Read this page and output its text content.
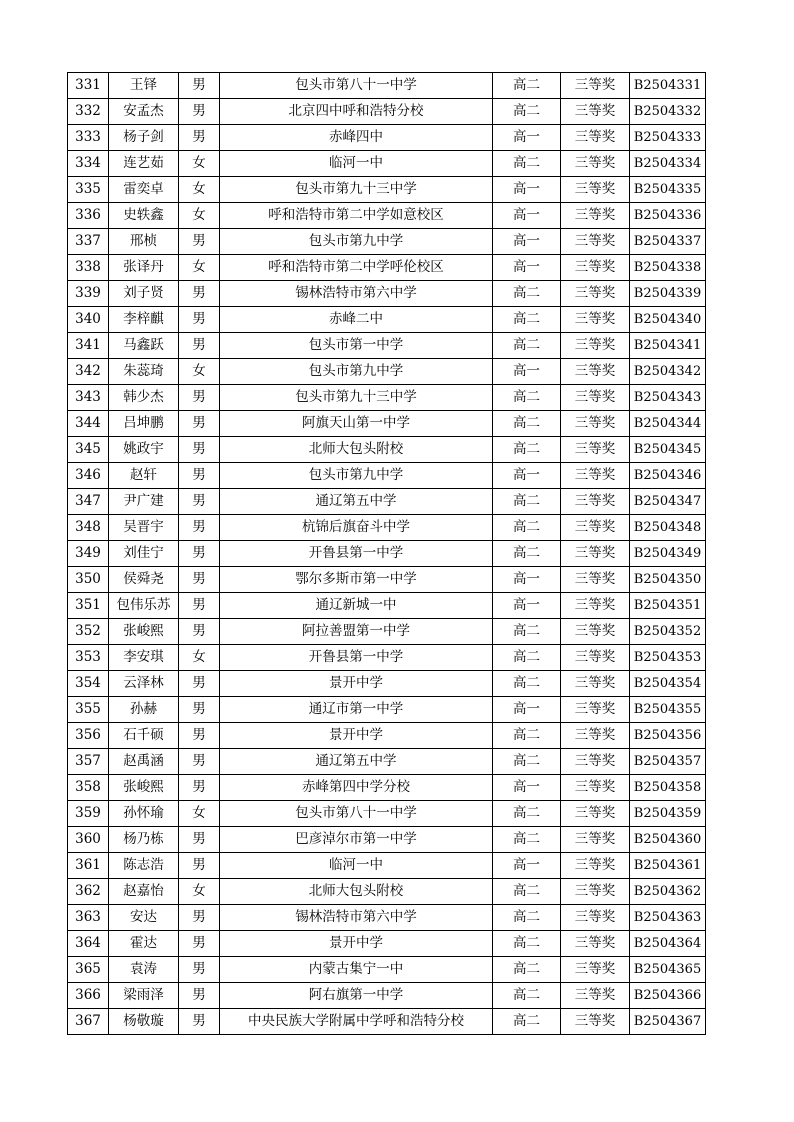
331	王铎	男	包头市第八十一中学	高二	三等奖	B2504331
332	安孟杰	男	北京四中呼和浩特分校	高二	三等奖	B2504332
333	杨子剑	男	赤峰四中	高一	三等奖	B2504333
334	连艺茹	女	临河一中	高二	三等奖	B2504334
335	雷奕卓	女	包头市第九十三中学	高一	三等奖	B2504335
336	史轶鑫	女	呼和浩特市第二中学如意校区	高一	三等奖	B2504336
337	邢桢	男	包头市第九中学	高一	三等奖	B2504337
338	张译丹	女	呼和浩特市第二中学呼伦校区	高一	三等奖	B2504338
339	刘子贤	男	锡林浩特市第六中学	高二	三等奖	B2504339
340	李梓麒	男	赤峰二中	高二	三等奖	B2504340
341	马鑫跃	男	包头市第一中学	高二	三等奖	B2504341
342	朱蕊琦	女	包头市第九中学	高一	三等奖	B2504342
343	韩少杰	男	包头市第九十三中学	高二	三等奖	B2504343
344	吕坤鹏	男	阿旗天山第一中学	高二	三等奖	B2504344
345	姚政宇	男	北师大包头附校	高二	三等奖	B2504345
346	赵轩	男	包头市第九中学	高一	三等奖	B2504346
347	尹广建	男	通辽第五中学	高二	三等奖	B2504347
348	吴晋宇	男	杭锦后旗奋斗中学	高二	三等奖	B2504348
349	刘佳宁	男	开鲁县第一中学	高二	三等奖	B2504349
350	侯舜尧	男	鄂尔多斯市第一中学	高一	三等奖	B2504350
351	包伟乐苏	男	通辽新城一中	高一	三等奖	B2504351
352	张峻熙	男	阿拉善盟第一中学	高二	三等奖	B2504352
353	李安琪	女	开鲁县第一中学	高二	三等奖	B2504353
354	云泽林	男	景开中学	高二	三等奖	B2504354
355	孙赫	男	通辽市第一中学	高一	三等奖	B2504355
356	石千硕	男	景开中学	高二	三等奖	B2504356
357	赵禹涵	男	通辽第五中学	高二	三等奖	B2504357
358	张峻熙	男	赤峰第四中学分校	高一	三等奖	B2504358
359	孙怀瑜	女	包头市第八十一中学	高二	三等奖	B2504359
360	杨乃栋	男	巴彦淖尔市第一中学	高二	三等奖	B2504360
361	陈志浩	男	临河一中	高一	三等奖	B2504361
362	赵嘉怡	女	北师大包头附校	高二	三等奖	B2504362
363	安达	男	锡林浩特市第六中学	高二	三等奖	B2504363
364	霍达	男	景开中学	高二	三等奖	B2504364
365	袁涛	男	内蒙古集宁一中	高二	三等奖	B2504365
366	梁雨泽	男	阿右旗第一中学	高二	三等奖	B2504366
367	杨敬璇	男	中央民族大学附属中学呼和浩特分校	高二	三等奖	B2504367
